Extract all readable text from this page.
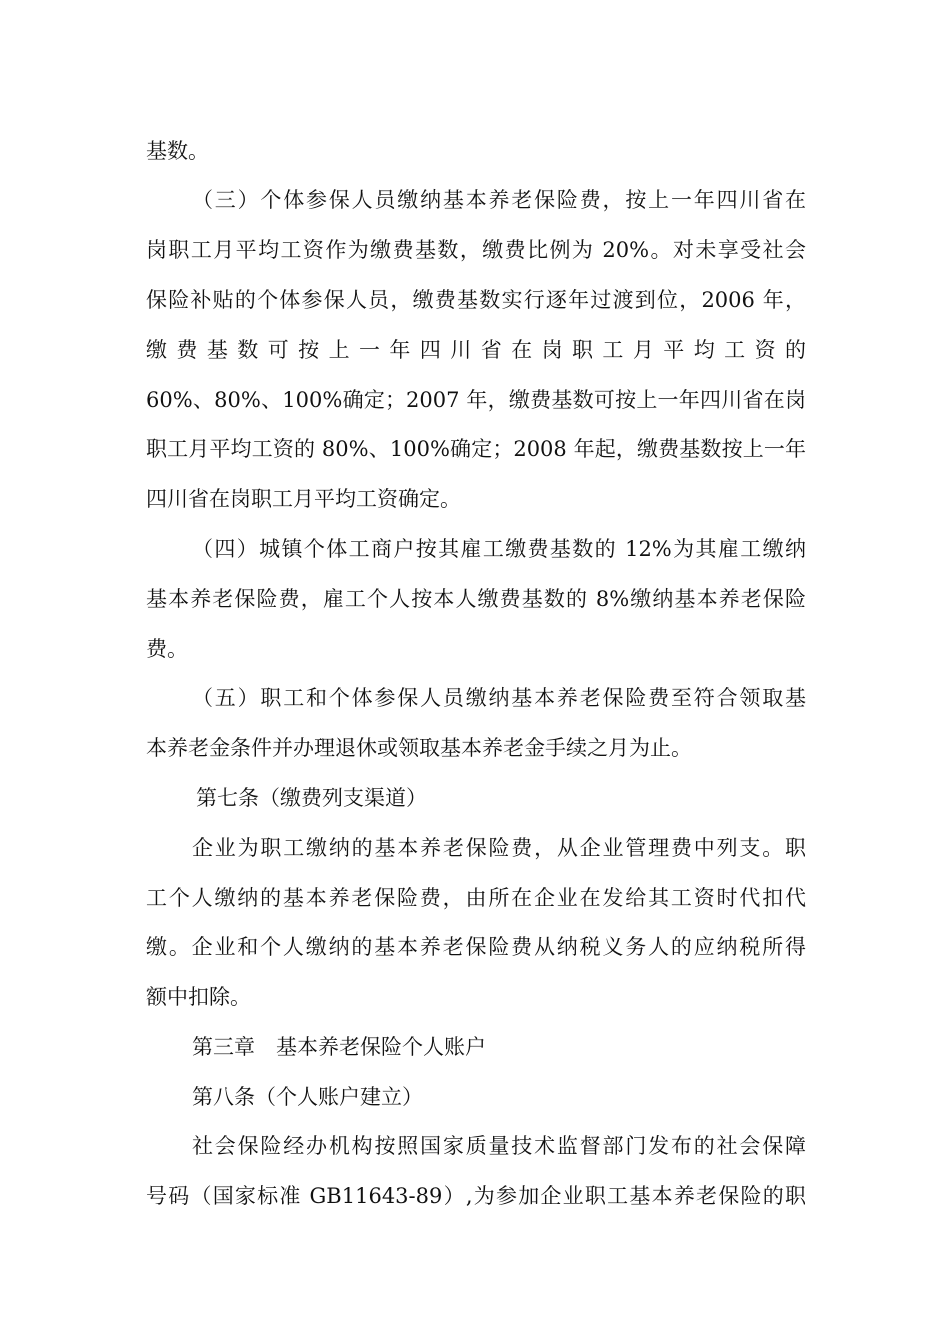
基数。
（三）个体参保人员缴纳基本养老保险费，按上一年四川省在
岗职工月平均工资作为缴费基数，缴费比例为 20%。对未享受社会
保险补贴的个体参保人员，缴费基数实行逐年过渡到位，2006 年，
缴费基数可按上一年四川省在岗职工月平均工资的
60%、80%、100%确定；2007 年，缴费基数可按上一年四川省在岗
职工月平均工资的 80%、100%确定；2008 年起，缴费基数按上一年
四川省在岗职工月平均工资确定。
（四）城镇个体工商户按其雇工缴费基数的 12%为其雇工缴纳
基本养老保险费，雇工个人按本人缴费基数的 8%缴纳基本养老保险
费。
（五）职工和个体参保人员缴纳基本养老保险费至符合领取基
本养老金条件并办理退休或领取基本养老金手续之月为止。
第七条（缴费列支渠道）
企业为职工缴纳的基本养老保险费，从企业管理费中列支。职
工个人缴纳的基本养老保险费，由所在企业在发给其工资时代扣代
缴。企业和个人缴纳的基本养老保险费从纳税义务人的应纳税所得
额中扣除。
第三章　基本养老保险个人账户
第八条（个人账户建立）
社会保险经办机构按照国家质量技术监督部门发布的社会保障
号码（国家标准 GB11643-89）,为参加企业职工基本养老保险的职
